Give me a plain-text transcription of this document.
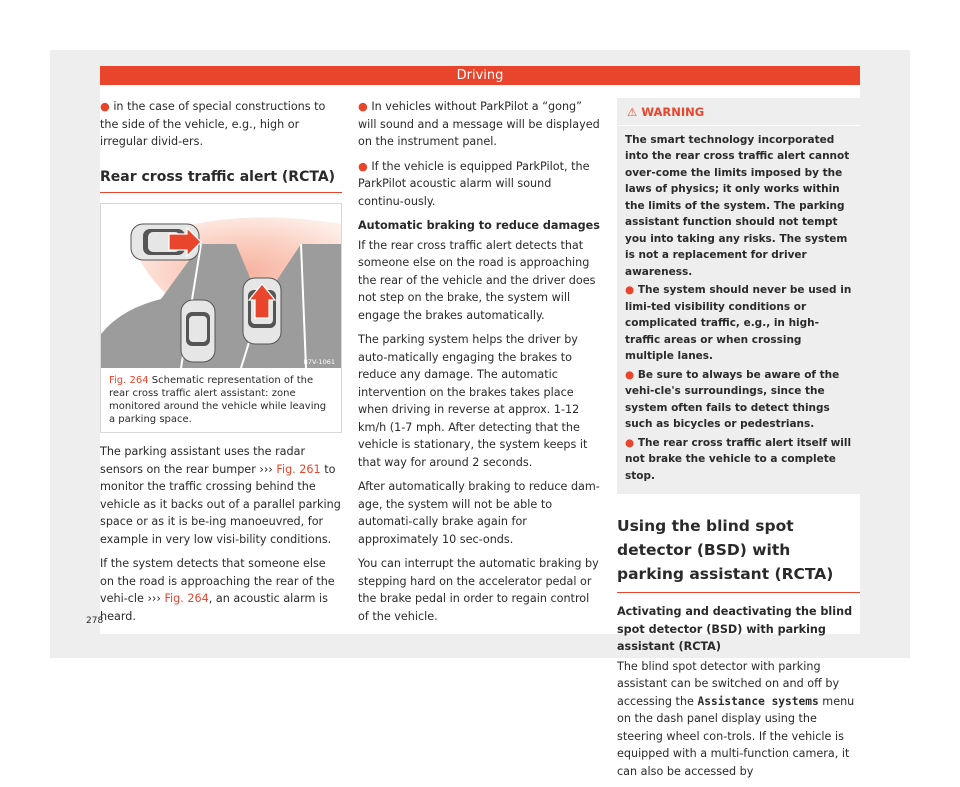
Driving

● in the case of special constructions to the side of the vehicle, e.g., high or irregular divid-ers.

Rear cross traffic alert (RCTA)
B7V-1061
Fig. 264 Schematic representation of the rear cross traffic alert assistant: zone monitored around the vehicle while leaving a parking space.

The parking assistant uses the radar sensors on the rear bumper ››› Fig. 261 to monitor the traffic crossing behind the vehicle as it backs out of a parallel parking space or as it is be-ing manoeuvred, for example in very low visi-bility conditions.

If the system detects that someone else on the road is approaching the rear of the vehi-cle ››› Fig. 264, an acoustic alarm is heard.

● In vehicles without ParkPilot a “gong” will sound and a message will be displayed on the instrument panel.

● If the vehicle is equipped ParkPilot, the ParkPilot acoustic alarm will sound continu-ously.

Automatic braking to reduce damages

If the rear cross traffic alert detects that someone else on the road is approaching the rear of the vehicle and the driver does not step on the brake, the system will engage the brakes automatically.

The parking system helps the driver by auto-matically engaging the brakes to reduce any damage. The automatic intervention on the brakes takes place when driving in reverse at approx. 1-12 km/h (1-7 mph. After detecting that the vehicle is stationary, the system keeps it that way for around 2 seconds.

After automatically braking to reduce dam-age, the system will not be able to automati-cally brake again for approximately 10 sec-onds.

You can interrupt the automatic braking by stepping hard on the accelerator pedal or the brake pedal in order to regain control of the vehicle.

⚠ WARNING

The smart technology incorporated into the rear cross traffic alert cannot over-come the limits imposed by the laws of physics; it only works within the limits of the system. The parking assistant function should not tempt you into taking any risks. The system is not a replacement for driver awareness.

● The system should never be used in limi-ted visibility conditions or complicated traffic, e.g., in high-traffic areas or when crossing multiple lanes.

● Be sure to always be aware of the vehi-cle's surroundings, since the system often fails to detect things such as bicycles or pedestrians.

● The rear cross traffic alert itself will not brake the vehicle to a complete stop.

Using the blind spot detector (BSD) with parking assistant (RCTA)
Activating and deactivating the blind spot detector (BSD) with parking assistant (RCTA)

The blind spot detector with parking assistant can be switched on and off by accessing the Assistance systems menu on the dash panel display using the steering wheel con-trols. If the vehicle is equipped with a multi-function camera, it can also be accessed by

278
